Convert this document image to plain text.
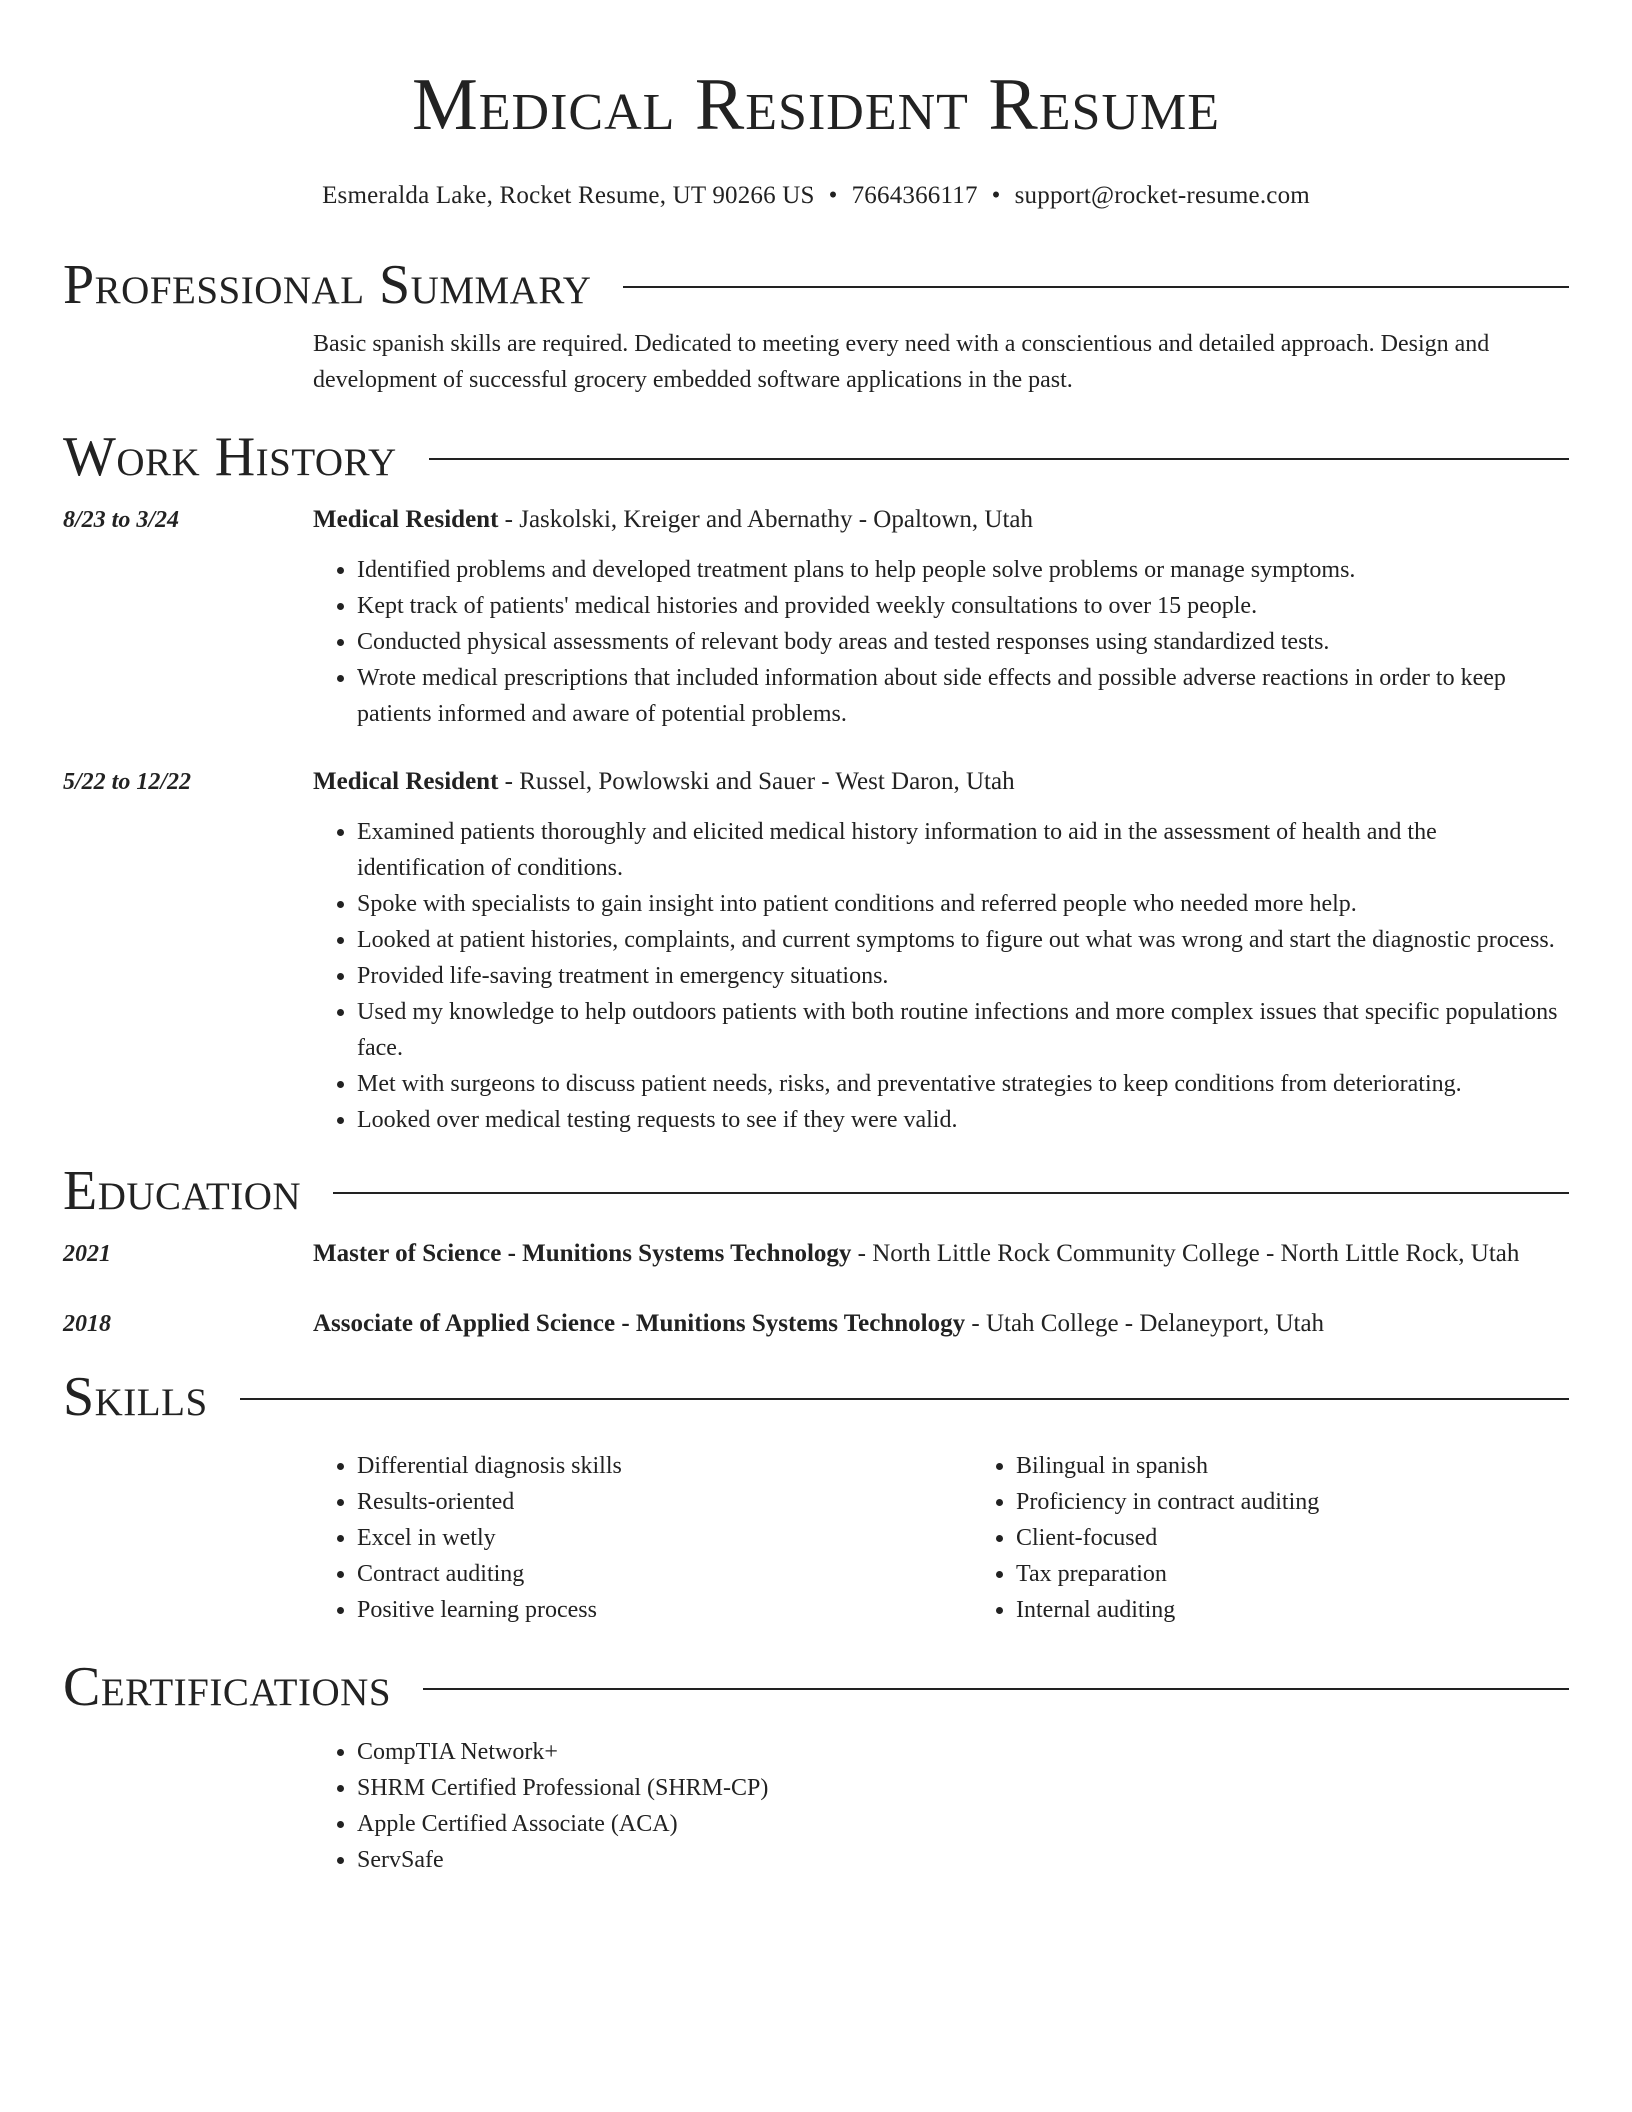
Medical Resident Resume
Esmeralda Lake, Rocket Resume, UT 90266 US • 7664366117 • support@rocket-resume.com
Professional Summary
Basic spanish skills are required. Dedicated to meeting every need with a conscientious and detailed approach. Design and development of successful grocery embedded software applications in the past.
Work History
8/23 to 3/24	Medical Resident - Jaskolski, Kreiger and Abernathy - Opaltown, Utah
• Identified problems and developed treatment plans to help people solve problems or manage symptoms.
• Kept track of patients' medical histories and provided weekly consultations to over 15 people.
• Conducted physical assessments of relevant body areas and tested responses using standardized tests.
• Wrote medical prescriptions that included information about side effects and possible adverse reactions in order to keep patients informed and aware of potential problems.
5/22 to 12/22	Medical Resident - Russel, Powlowski and Sauer - West Daron, Utah
• Examined patients thoroughly and elicited medical history information to aid in the assessment of health and the identification of conditions.
• Spoke with specialists to gain insight into patient conditions and referred people who needed more help.
• Looked at patient histories, complaints, and current symptoms to figure out what was wrong and start the diagnostic process.
• Provided life-saving treatment in emergency situations.
• Used my knowledge to help outdoors patients with both routine infections and more complex issues that specific populations face.
• Met with surgeons to discuss patient needs, risks, and preventative strategies to keep conditions from deteriorating.
• Looked over medical testing requests to see if they were valid.
Education
2021	Master of Science - Munitions Systems Technology - North Little Rock Community College - North Little Rock, Utah
2018	Associate of Applied Science - Munitions Systems Technology - Utah College - Delaneyport, Utah
Skills
• Differential diagnosis skills
• Results-oriented
• Excel in wetly
• Contract auditing
• Positive learning process
• Bilingual in spanish
• Proficiency in contract auditing
• Client-focused
• Tax preparation
• Internal auditing
Certifications
• CompTIA Network+
• SHRM Certified Professional (SHRM-CP)
• Apple Certified Associate (ACA)
• ServSafe
